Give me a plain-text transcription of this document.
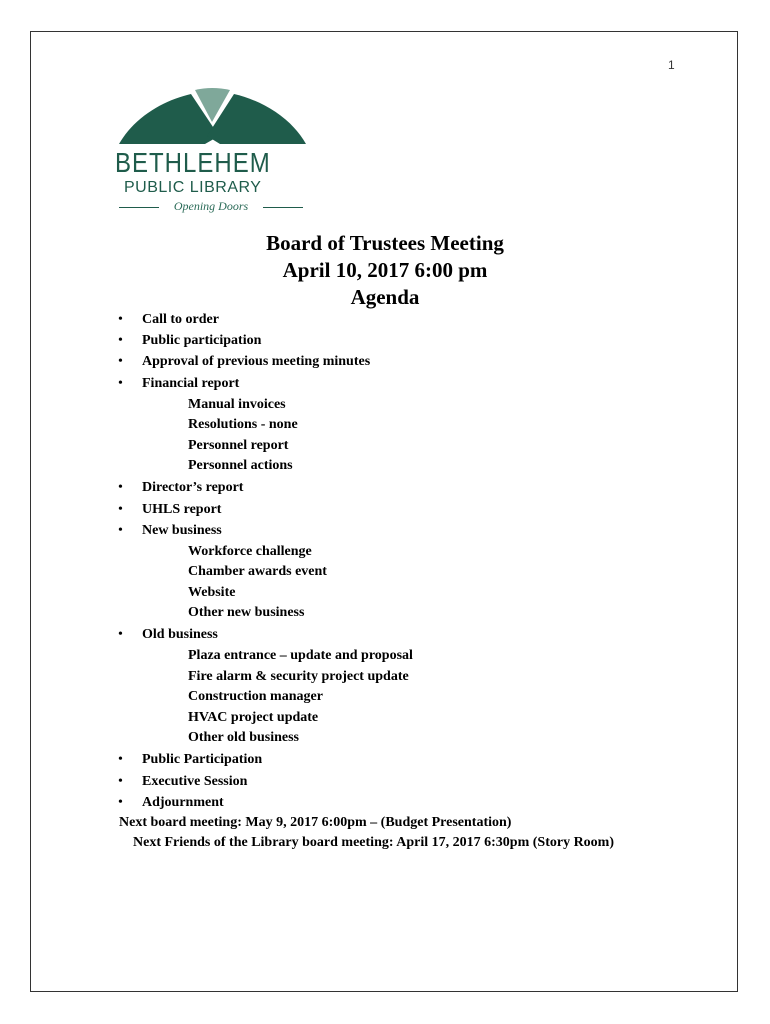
1
BETHLEHEM
PUBLIC LIBRARY
Opening Doors
Board of Trustees Meeting
April 10, 2017 6:00 pm
Agenda
• Call to order
• Public participation
• Approval of previous meeting minutes
• Financial report
Manual invoices
Resolutions - none
Personnel report
Personnel actions
• Director’s report
• UHLS report
• New business
Workforce challenge
Chamber awards event
Website
Other new business
• Old business
Plaza entrance – update and proposal
Fire alarm & security project update
Construction manager
HVAC project update
Other old business
• Public Participation
• Executive Session
• Adjournment
Next board meeting: May 9, 2017 6:00pm – (Budget Presentation)
Next Friends of the Library board meeting: April 17, 2017 6:30pm (Story Room)
